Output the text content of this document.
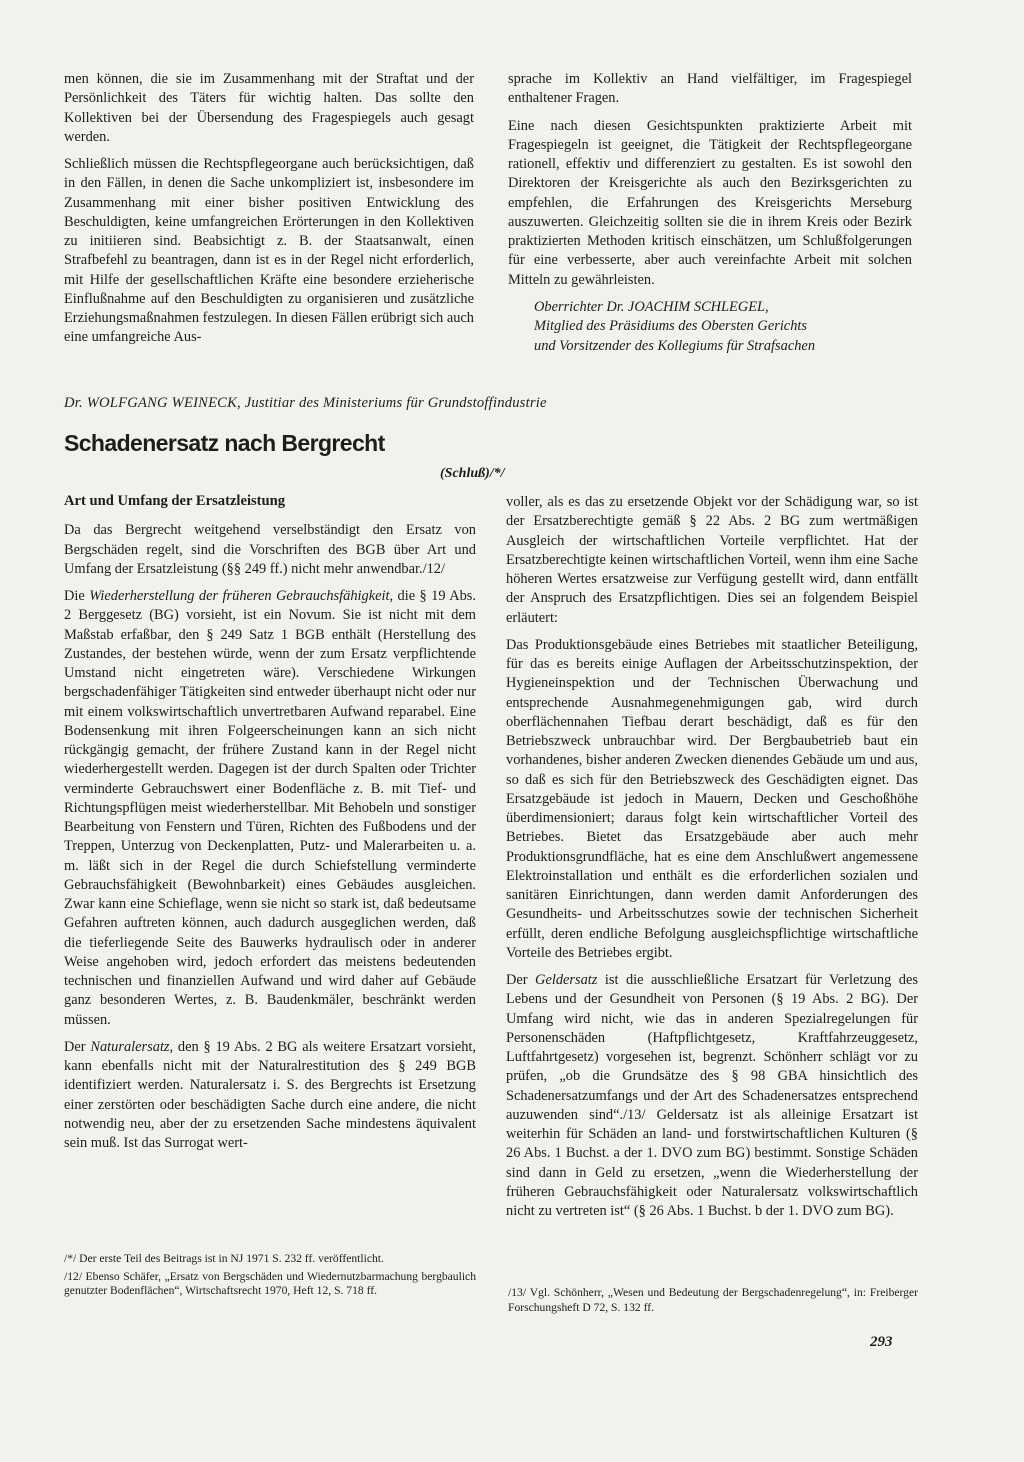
men können, die sie im Zusammenhang mit der Straftat und der Persönlichkeit des Täters für wichtig halten. Das sollte den Kollektiven bei der Übersendung des Fragespiegels auch gesagt werden.

Schließlich müssen die Rechtspflegeorgane auch berücksichtigen, daß in den Fällen, in denen die Sache unkompliziert ist, insbesondere im Zusammenhang mit einer bisher positiven Entwicklung des Beschuldigten, keine umfangreichen Erörterungen in den Kollektiven zu initiieren sind. Beabsichtigt z. B. der Staatsanwalt, einen Strafbefehl zu beantragen, dann ist es in der Regel nicht erforderlich, mit Hilfe der gesellschaftlichen Kräfte eine besondere erzieherische Einflußnahme auf den Beschuldigten zu organisieren und zusätzliche Erziehungsmaßnahmen festzulegen. In diesen Fällen erübrigt sich auch eine umfangreiche Aus-

sprache im Kollektiv an Hand vielfältiger, im Fragespiegel enthaltener Fragen.

Eine nach diesen Gesichtspunkten praktizierte Arbeit mit Fragespiegeln ist geeignet, die Tätigkeit der Rechtspflegeorgane rationell, effektiv und differenziert zu gestalten. Es ist sowohl den Direktoren der Kreisgerichte als auch den Bezirksgerichten zu empfehlen, die Erfahrungen des Kreisgerichts Merseburg auszuwerten. Gleichzeitig sollten sie die in ihrem Kreis oder Bezirk praktizierten Methoden kritisch einschätzen, um Schlußfolgerungen für eine verbesserte, aber auch vereinfachte Arbeit mit solchen Mitteln zu gewährleisten.

Oberrichter Dr. JOACHIM SCHLEGEL,
Mitglied des Präsidiums des Obersten Gerichts
und Vorsitzender des Kollegiums für Strafsachen
Dr. WOLFGANG WEINECK, Justitiar des Ministeriums für Grundstoffindustrie
Schadenersatz nach Bergrecht
(Schluß)/*/
Art und Umfang der Ersatzleistung

Da das Bergrecht weitgehend verselbständigt den Ersatz von Bergschäden regelt, sind die Vorschriften des BGB über Art und Umfang der Ersatzleistung (§§ 249 ff.) nicht mehr anwendbar./12/

Die Wiederherstellung der früheren Gebrauchsfähigkeit, die § 19 Abs. 2 Berggesetz (BG) vorsieht, ist ein Novum. Sie ist nicht mit dem Maßstab erfaßbar, den § 249 Satz 1 BGB enthält (Herstellung des Zustandes, der bestehen würde, wenn der zum Ersatz verpflichtende Umstand nicht eingetreten wäre). Verschiedene Wirkungen bergschadenfähiger Tätigkeiten sind entweder überhaupt nicht oder nur mit einem volkswirtschaftlich unvertretbaren Aufwand reparabel. Eine Bodensenkung mit ihren Folgeerscheinungen kann an sich nicht rückgängig gemacht, der frühere Zustand kann in der Regel nicht wiederhergestellt werden. Dagegen ist der durch Spalten oder Trichter verminderte Gebrauchswert einer Bodenfläche z. B. mit Tief- und Richtungspflügen meist wiederherstellbar. Mit Behobeln und sonstiger Bearbeitung von Fenstern und Türen, Richten des Fußbodens und der Treppen, Unterzug von Deckenplatten, Putz- und Malerarbeiten u. a. m. läßt sich in der Regel die durch Schiefstellung verminderte Gebrauchsfähigkeit (Bewohnbarkeit) eines Gebäudes ausgleichen. Zwar kann eine Schieflage, wenn sie nicht so stark ist, daß bedeutsame Gefahren auftreten können, auch dadurch ausgeglichen werden, daß die tieferliegende Seite des Bauwerks hydraulisch oder in anderer Weise angehoben wird, jedoch erfordert das meistens bedeutenden technischen und finanziellen Aufwand und wird daher auf Gebäude ganz besonderen Wertes, z. B. Baudenkmäler, beschränkt werden müssen.

Der Naturalersatz, den § 19 Abs. 2 BG als weitere Ersatzart vorsieht, kann ebenfalls nicht mit der Naturalrestitution des § 249 BGB identifiziert werden. Naturalersatz i. S. des Bergrechts ist Ersetzung einer zerstörten oder beschädigten Sache durch eine andere, die nicht notwendig neu, aber der zu ersetzenden Sache mindestens äquivalent sein muß. Ist das Surrogat wert-

voller, als es das zu ersetzende Objekt vor der Schädigung war, so ist der Ersatzberechtigte gemäß § 22 Abs. 2 BG zum wertmäßigen Ausgleich der wirtschaftlichen Vorteile verpflichtet. Hat der Ersatzberechtigte keinen wirtschaftlichen Vorteil, wenn ihm eine Sache höheren Wertes ersatzweise zur Verfügung gestellt wird, dann entfällt der Anspruch des Ersatzpflichtigen. Dies sei an folgendem Beispiel erläutert:

Das Produktionsgebäude eines Betriebes mit staatlicher Beteiligung, für das es bereits einige Auflagen der Arbeitsschutzinspektion, der Hygieneinspektion und der Technischen Überwachung und entsprechende Ausnahmegenehmigungen gab, wird durch oberflächennahen Tiefbau derart beschädigt, daß es für den Betriebszweck unbrauchbar wird. Der Bergbaubetrieb baut ein vorhandenes, bisher anderen Zwecken dienendes Gebäude um und aus, so daß es sich für den Betriebszweck des Geschädigten eignet. Das Ersatzgebäude ist jedoch in Mauern, Decken und Geschoßhöhe überdimensioniert; daraus folgt kein wirtschaftlicher Vorteil des Betriebes. Bietet das Ersatzgebäude aber auch mehr Produktionsgrundfläche, hat es eine dem Anschlußwert angemessene Elektroinstallation und enthält es die erforderlichen sozialen und sanitären Einrichtungen, dann werden damit Anforderungen des Gesundheits- und Arbeitsschutzes sowie der technischen Sicherheit erfüllt, deren endliche Befolgung ausgleichspflichtige wirtschaftliche Vorteile des Betriebes ergibt.

Der Geldersatz ist die ausschließliche Ersatzart für Verletzung des Lebens und der Gesundheit von Personen (§ 19 Abs. 2 BG). Der Umfang wird nicht, wie das in anderen Spezialregelungen für Personenschäden (Haftpflichtgesetz, Kraftfahrzeuggesetz, Luftfahrtgesetz) vorgesehen ist, begrenzt. Schönherr schlägt vor zu prüfen, „ob die Grundsätze des § 98 GBA hinsichtlich des Schadenersatzumfangs und der Art des Schadenersatzes entsprechend auzuwenden sind“./13/ Geldersatz ist als alleinige Ersatzart ist weiterhin für Schäden an land- und forstwirtschaftlichen Kulturen (§ 26 Abs. 1 Buchst. a der 1. DVO zum BG) bestimmt. Sonstige Schäden sind dann in Geld zu ersetzen, „wenn die Wiederherstellung der früheren Gebrauchsfähigkeit oder Naturalersatz volkswirtschaftlich nicht zu vertreten ist“ (§ 26 Abs. 1 Buchst. b der 1. DVO zum BG).

/*/ Der erste Teil des Beitrags ist in NJ 1971 S. 232 ff. veröffentlicht.

/12/ Ebenso Schäfer, „Ersatz von Bergschäden und Wiedernutzbarmachung bergbaulich genutzter Bodenflächen“, Wirtschaftsrecht 1970, Heft 12, S. 718 ff.	/13/ Vgl. Schönherr, „Wesen und Bedeutung der Bergschadenregelung“, in: Freiberger Forschungsheft D 72, S. 132 ff.

293
